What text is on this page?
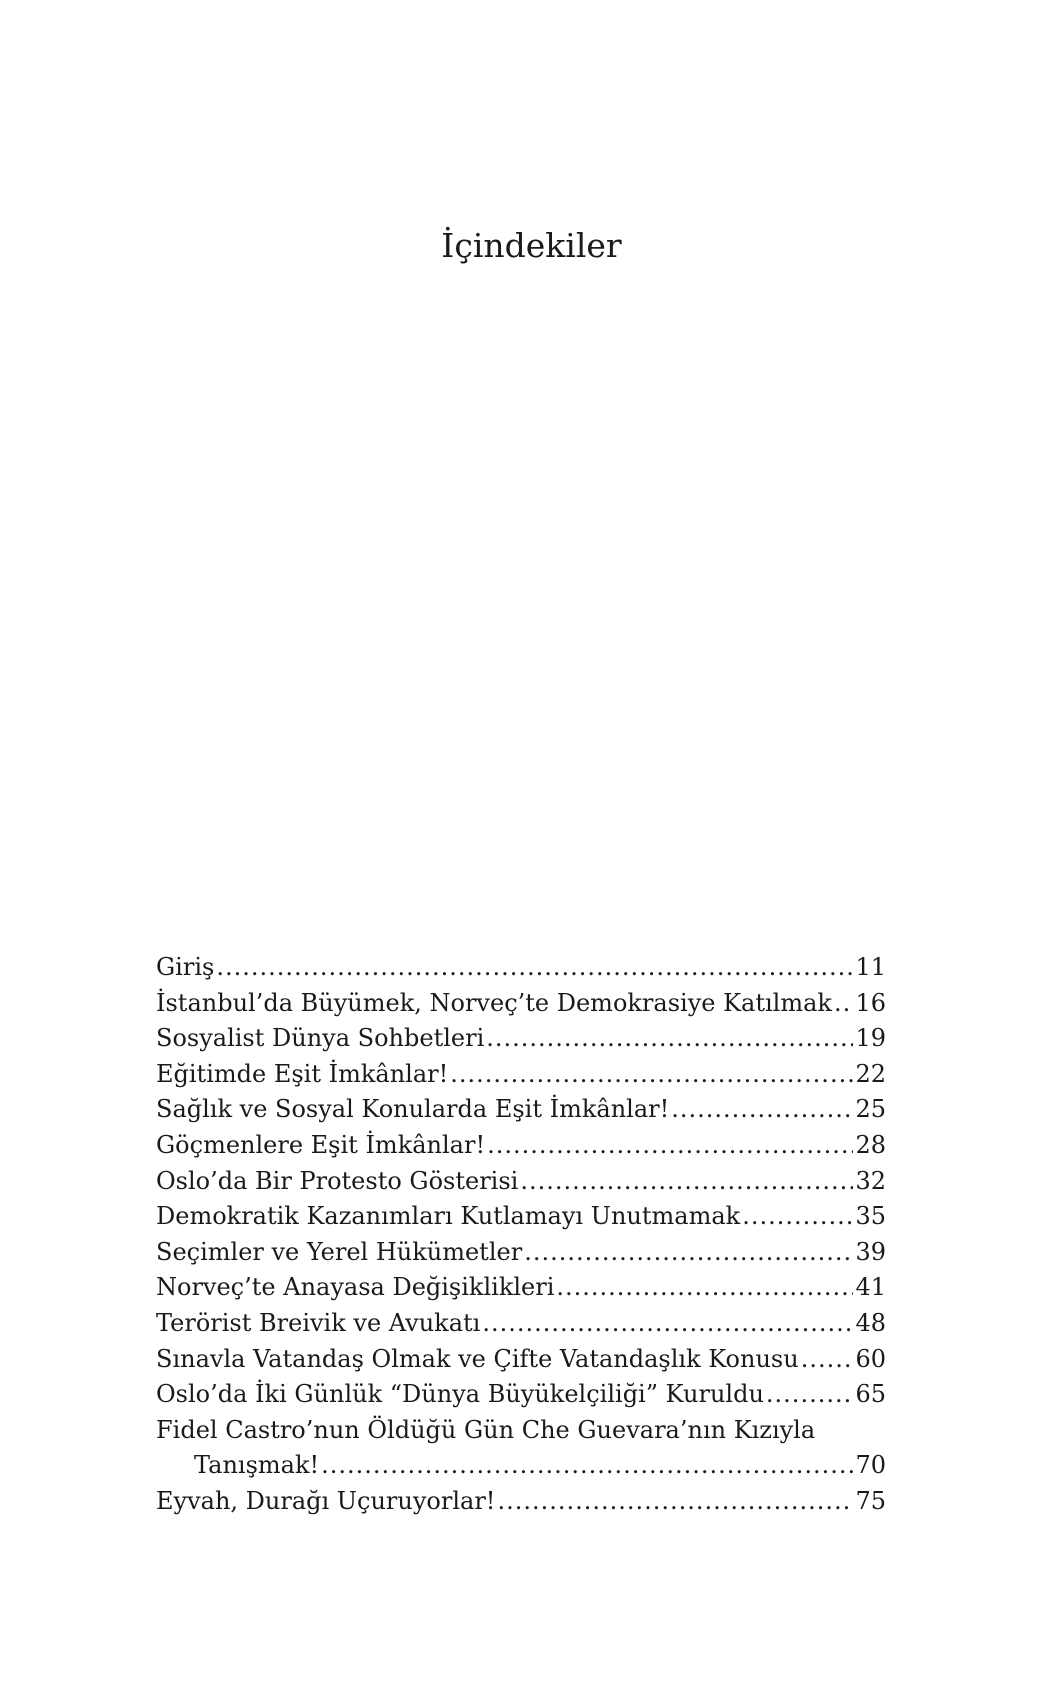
İçindekiler
Giriş .....	11
İstanbul’da Büyümek, Norveç’te Demokrasiye Katılmak ..... 16
Sosyalist Dünya Sohbetleri .....	19
Eğitimde Eşit İmkânlar! .....	22
Sağlık ve Sosyal Konularda Eşit İmkânlar! .....	25
Göçmenlere Eşit İmkânlar! .....	28
Oslo’da Bir Protesto Gösterisi .....	32
Demokratik Kazanımları Kutlamayı Unutmamak .....	35
Seçimler ve Yerel Hükümetler .....	39
Norveç’te Anayasa Değişiklikleri .....	41
Terörist Breivik ve Avukatı .....	48
Sınavla Vatandaş Olmak ve Çifte Vatandaşlık Konusu ..... 60
Oslo’da İki Günlük “Dünya Büyükelçiliği” Kuruldu .....	65
Fidel Castro’nun Öldüğü Gün Che Guevara’nın Kızıyla
Tanışmak! .....	70
Eyvah, Durağı Uçuruyorlar! .....	75
